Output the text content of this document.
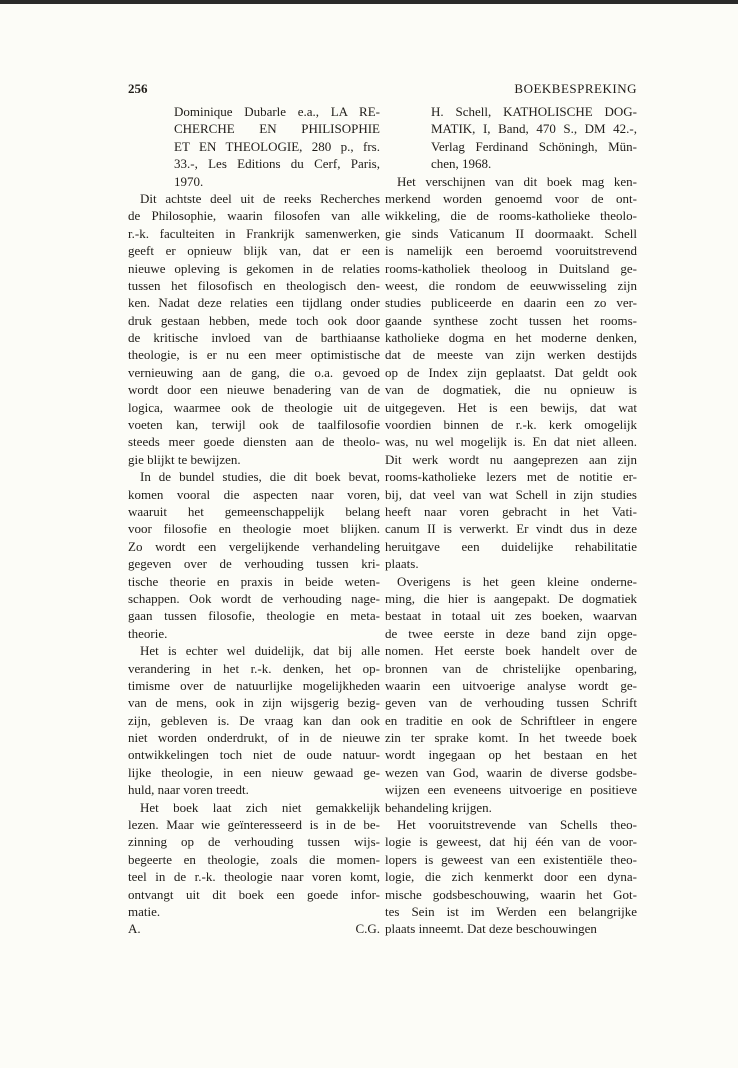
256	BOEKBESPREKING
Dominique Dubarle e.a., LA RE-
CHERCHE EN PHILISOPHIE
ET EN THEOLOGIE, 280 p., frs.
33.-, Les Editions du Cerf, Paris,
1970.
Dit achtste deel uit de reeks Recherches
de Philosophie, waarin filosofen van alle
r.-k. faculteiten in Frankrijk samenwerken,
geeft er opnieuw blijk van, dat er een
nieuwe opleving is gekomen in de relaties
tussen het filosofisch en theologisch den-
ken. Nadat deze relaties een tijdlang onder
druk gestaan hebben, mede toch ook door
de kritische invloed van de barthiaanse
theologie, is er nu een meer optimistische
vernieuwing aan de gang, die o.a. gevoed
wordt door een nieuwe benadering van de
logica, waarmee ook de theologie uit de
voeten kan, terwijl ook de taalfilosofie
steeds meer goede diensten aan de theolo-
gie blijkt te bewijzen.
In de bundel studies, die dit boek bevat,
komen vooral die aspecten naar voren,
waaruit het gemeenschappelijk belang
voor filosofie en theologie moet blijken.
Zo wordt een vergelijkende verhandeling
gegeven over de verhouding tussen kri-
tische theorie en praxis in beide weten-
schappen. Ook wordt de verhouding nage-
gaan tussen filosofie, theologie en meta-
theorie.
Het is echter wel duidelijk, dat bij alle
verandering in het r.-k. denken, het op-
timisme over de natuurlijke mogelijkheden
van de mens, ook in zijn wijsgerig bezig-
zijn, gebleven is. De vraag kan dan ook
niet worden onderdrukt, of in de nieuwe
ontwikkelingen toch niet de oude natuur-
lijke theologie, in een nieuw gewaad ge-
huld, naar voren treedt.
Het boek laat zich niet gemakkelijk
lezen. Maar wie geïnteresseerd is in de be-
zinning op de verhouding tussen wijs-
begeerte en theologie, zoals die momen-
teel in de r.-k. theologie naar voren komt,
ontvangt uit dit boek een goede infor-
matie.
A.	C.G.
H. Schell, KATHOLISCHE DOG-
MATIK, I, Band, 470 S., DM 42.-,
Verlag Ferdinand Schöningh, Mün-
chen, 1968.
Het verschijnen van dit boek mag ken-
merkend worden genoemd voor de ont-
wikkeling, die de rooms-katholieke theolo-
gie sinds Vaticanum II doormaakt. Schell
is namelijk een beroemd vooruitstrevend
rooms-katholiek theoloog in Duitsland ge-
weest, die rondom de eeuwwisseling zijn
studies publiceerde en daarin een zo ver-
gaande synthese zocht tussen het rooms-
katholieke dogma en het moderne denken,
dat de meeste van zijn werken destijds
op de Index zijn geplaatst. Dat geldt ook
van de dogmatiek, die nu opnieuw is
uitgegeven. Het is een bewijs, dat wat
voordien binnen de r.-k. kerk omogelijk
was, nu wel mogelijk is. En dat niet alleen.
Dit werk wordt nu aangeprezen aan zijn
rooms-katholieke lezers met de notitie er-
bij, dat veel van wat Schell in zijn studies
heeft naar voren gebracht in het Vati-
canum II is verwerkt. Er vindt dus in deze
heruitgave een duidelijke rehabilitatie
plaats.
Overigens is het geen kleine onderne-
ming, die hier is aangepakt. De dogmatiek
bestaat in totaal uit zes boeken, waarvan
de twee eerste in deze band zijn opge-
nomen. Het eerste boek handelt over de
bronnen van de christelijke openbaring,
waarin een uitvoerige analyse wordt ge-
geven van de verhouding tussen Schrift
en traditie en ook de Schriftleer in engere
zin ter sprake komt. In het tweede boek
wordt ingegaan op het bestaan en het
wezen van God, waarin de diverse godsbe-
wijzen een eveneens uitvoerige en positieve
behandeling krijgen.
Het vooruitstrevende van Schells theo-
logie is geweest, dat hij één van de voor-
lopers is geweest van een existentiële theo-
logie, die zich kenmerkt door een dyna-
mische godsbeschouwing, waarin het Got-
tes Sein ist im Werden een belangrijke
plaats inneemt. Dat deze beschouwingen
